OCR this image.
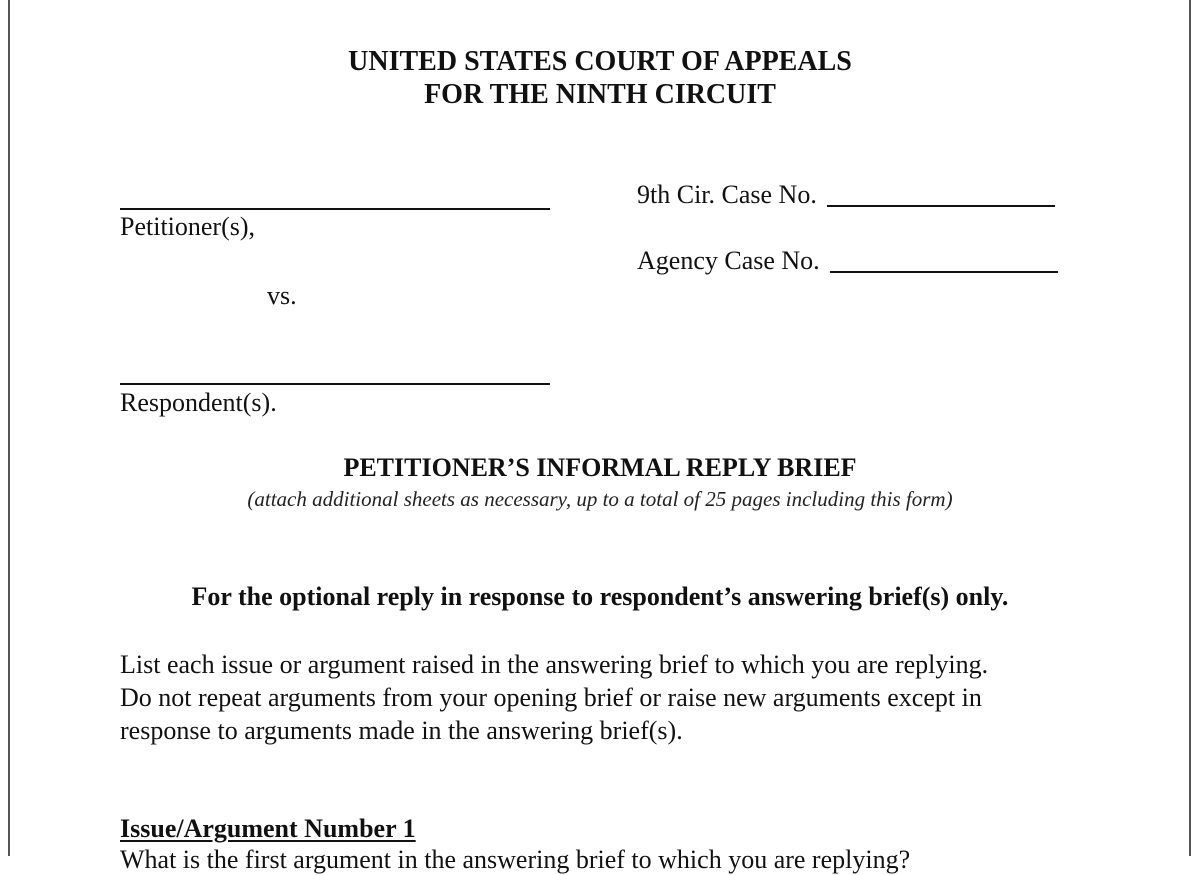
UNITED STATES COURT OF APPEALS
FOR THE NINTH CIRCUIT
Petitioner(s),
vs.
Respondent(s).
9th Cir. Case No.
Agency Case No.
PETITIONER’S INFORMAL REPLY BRIEF
(attach additional sheets as necessary, up to a total of 25 pages including this form)
For the optional reply in response to respondent’s answering brief(s) only.
List each issue or argument raised in the answering brief to which you are replying.
Do not repeat arguments from your opening brief or raise new arguments except in
response to arguments made in the answering brief(s).
Issue/Argument Number 1
What is the first argument in the answering brief to which you are replying?
